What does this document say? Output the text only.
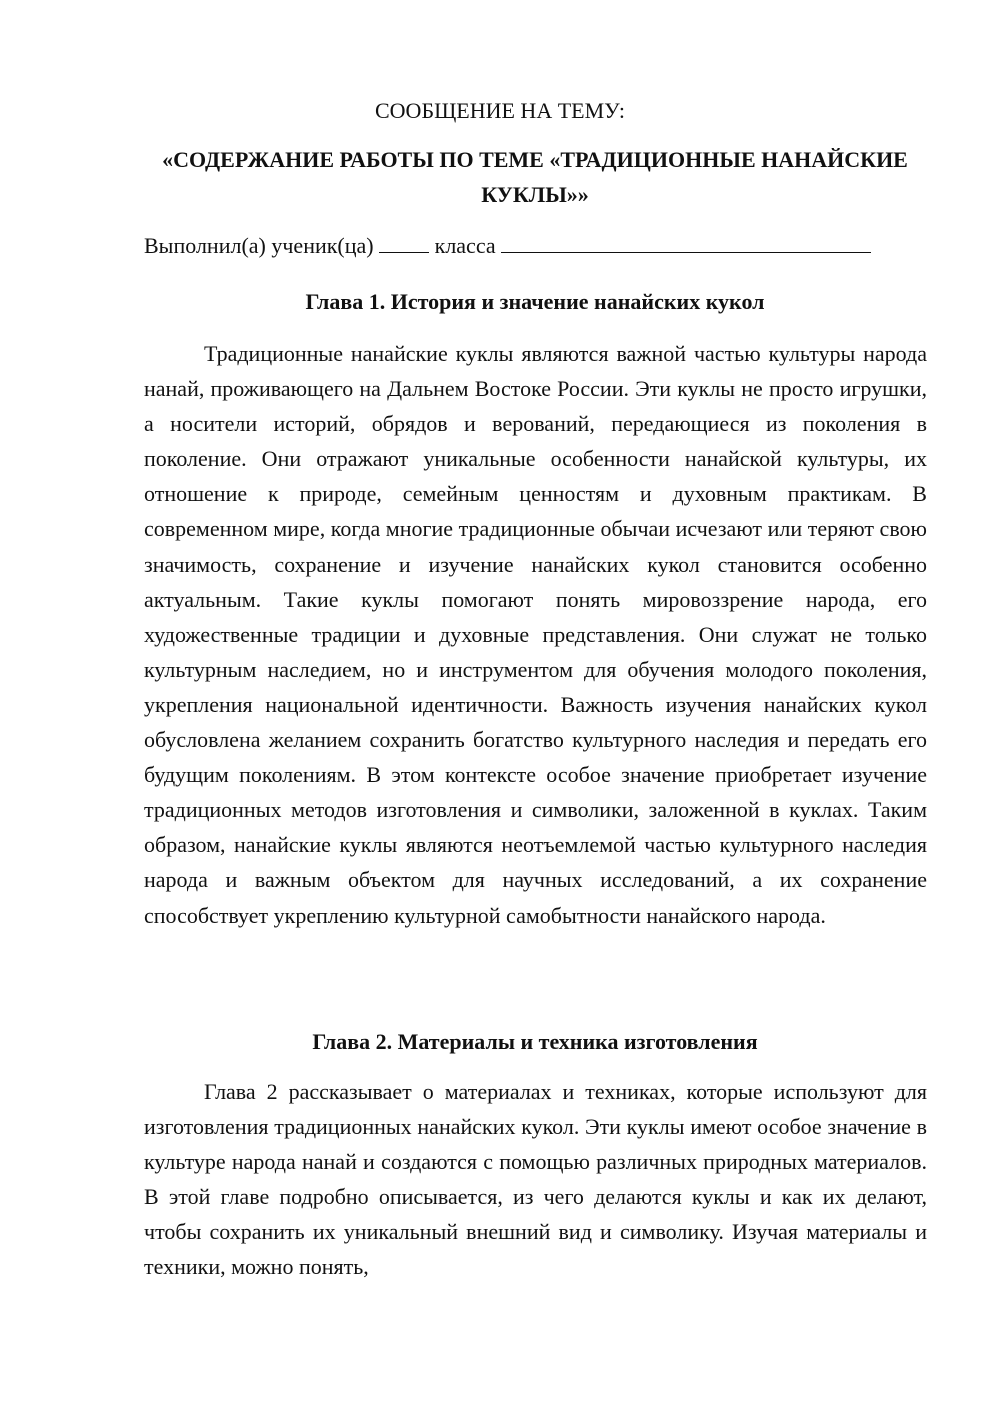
СООБЩЕНИЕ НА ТЕМУ:
«СОДЕРЖАНИЕ РАБОТЫ ПО ТЕМЕ «ТРАДИЦИОННЫЕ НАНАЙСКИЕ КУКЛЫ»»
Выполнил(а) ученик(ца)	класса
Глава 1. История и значение нанайских кукол

Традиционные нанайские куклы являются важной частью культуры народа нанай, проживающего на Дальнем Востоке России. Эти куклы не просто игрушки, а носители историй, обрядов и верований, передающиеся из поколения в поколение. Они отражают уникальные особенности нанайской культуры, их отношение к природе, семейным ценностям и духовным практикам. В современном мире, когда многие традиционные обычаи исчезают или теряют свою значимость, сохранение и изучение нанайских кукол становится особенно актуальным. Такие куклы помогают понять мировоззрение народа, его художественные традиции и духовные представления. Они служат не только культурным наследием, но и инструментом для обучения молодого поколения, укрепления национальной идентичности. Важность изучения нанайских кукол обусловлена желанием сохранить богатство культурного наследия и передать его будущим поколениям. В этом контексте особое значение приобретает изучение традиционных методов изготовления и символики, заложенной в куклах. Таким образом, нанайские куклы являются неотъемлемой частью культурного наследия народа и важным объектом для научных исследований, а их сохранение способствует укреплению культурной самобытности нанайского народа.

Глава 2. Материалы и техника изготовления

Глава 2 рассказывает о материалах и техниках, которые используют для изготовления традиционных нанайских кукол. Эти куклы имеют особое значение в культуре народа нанай и создаются с помощью различных природных материалов. В этой главе подробно описывается, из чего делаются куклы и как их делают, чтобы сохранить их уникальный внешний вид и символику. Изучая материалы и техники, можно понять,
